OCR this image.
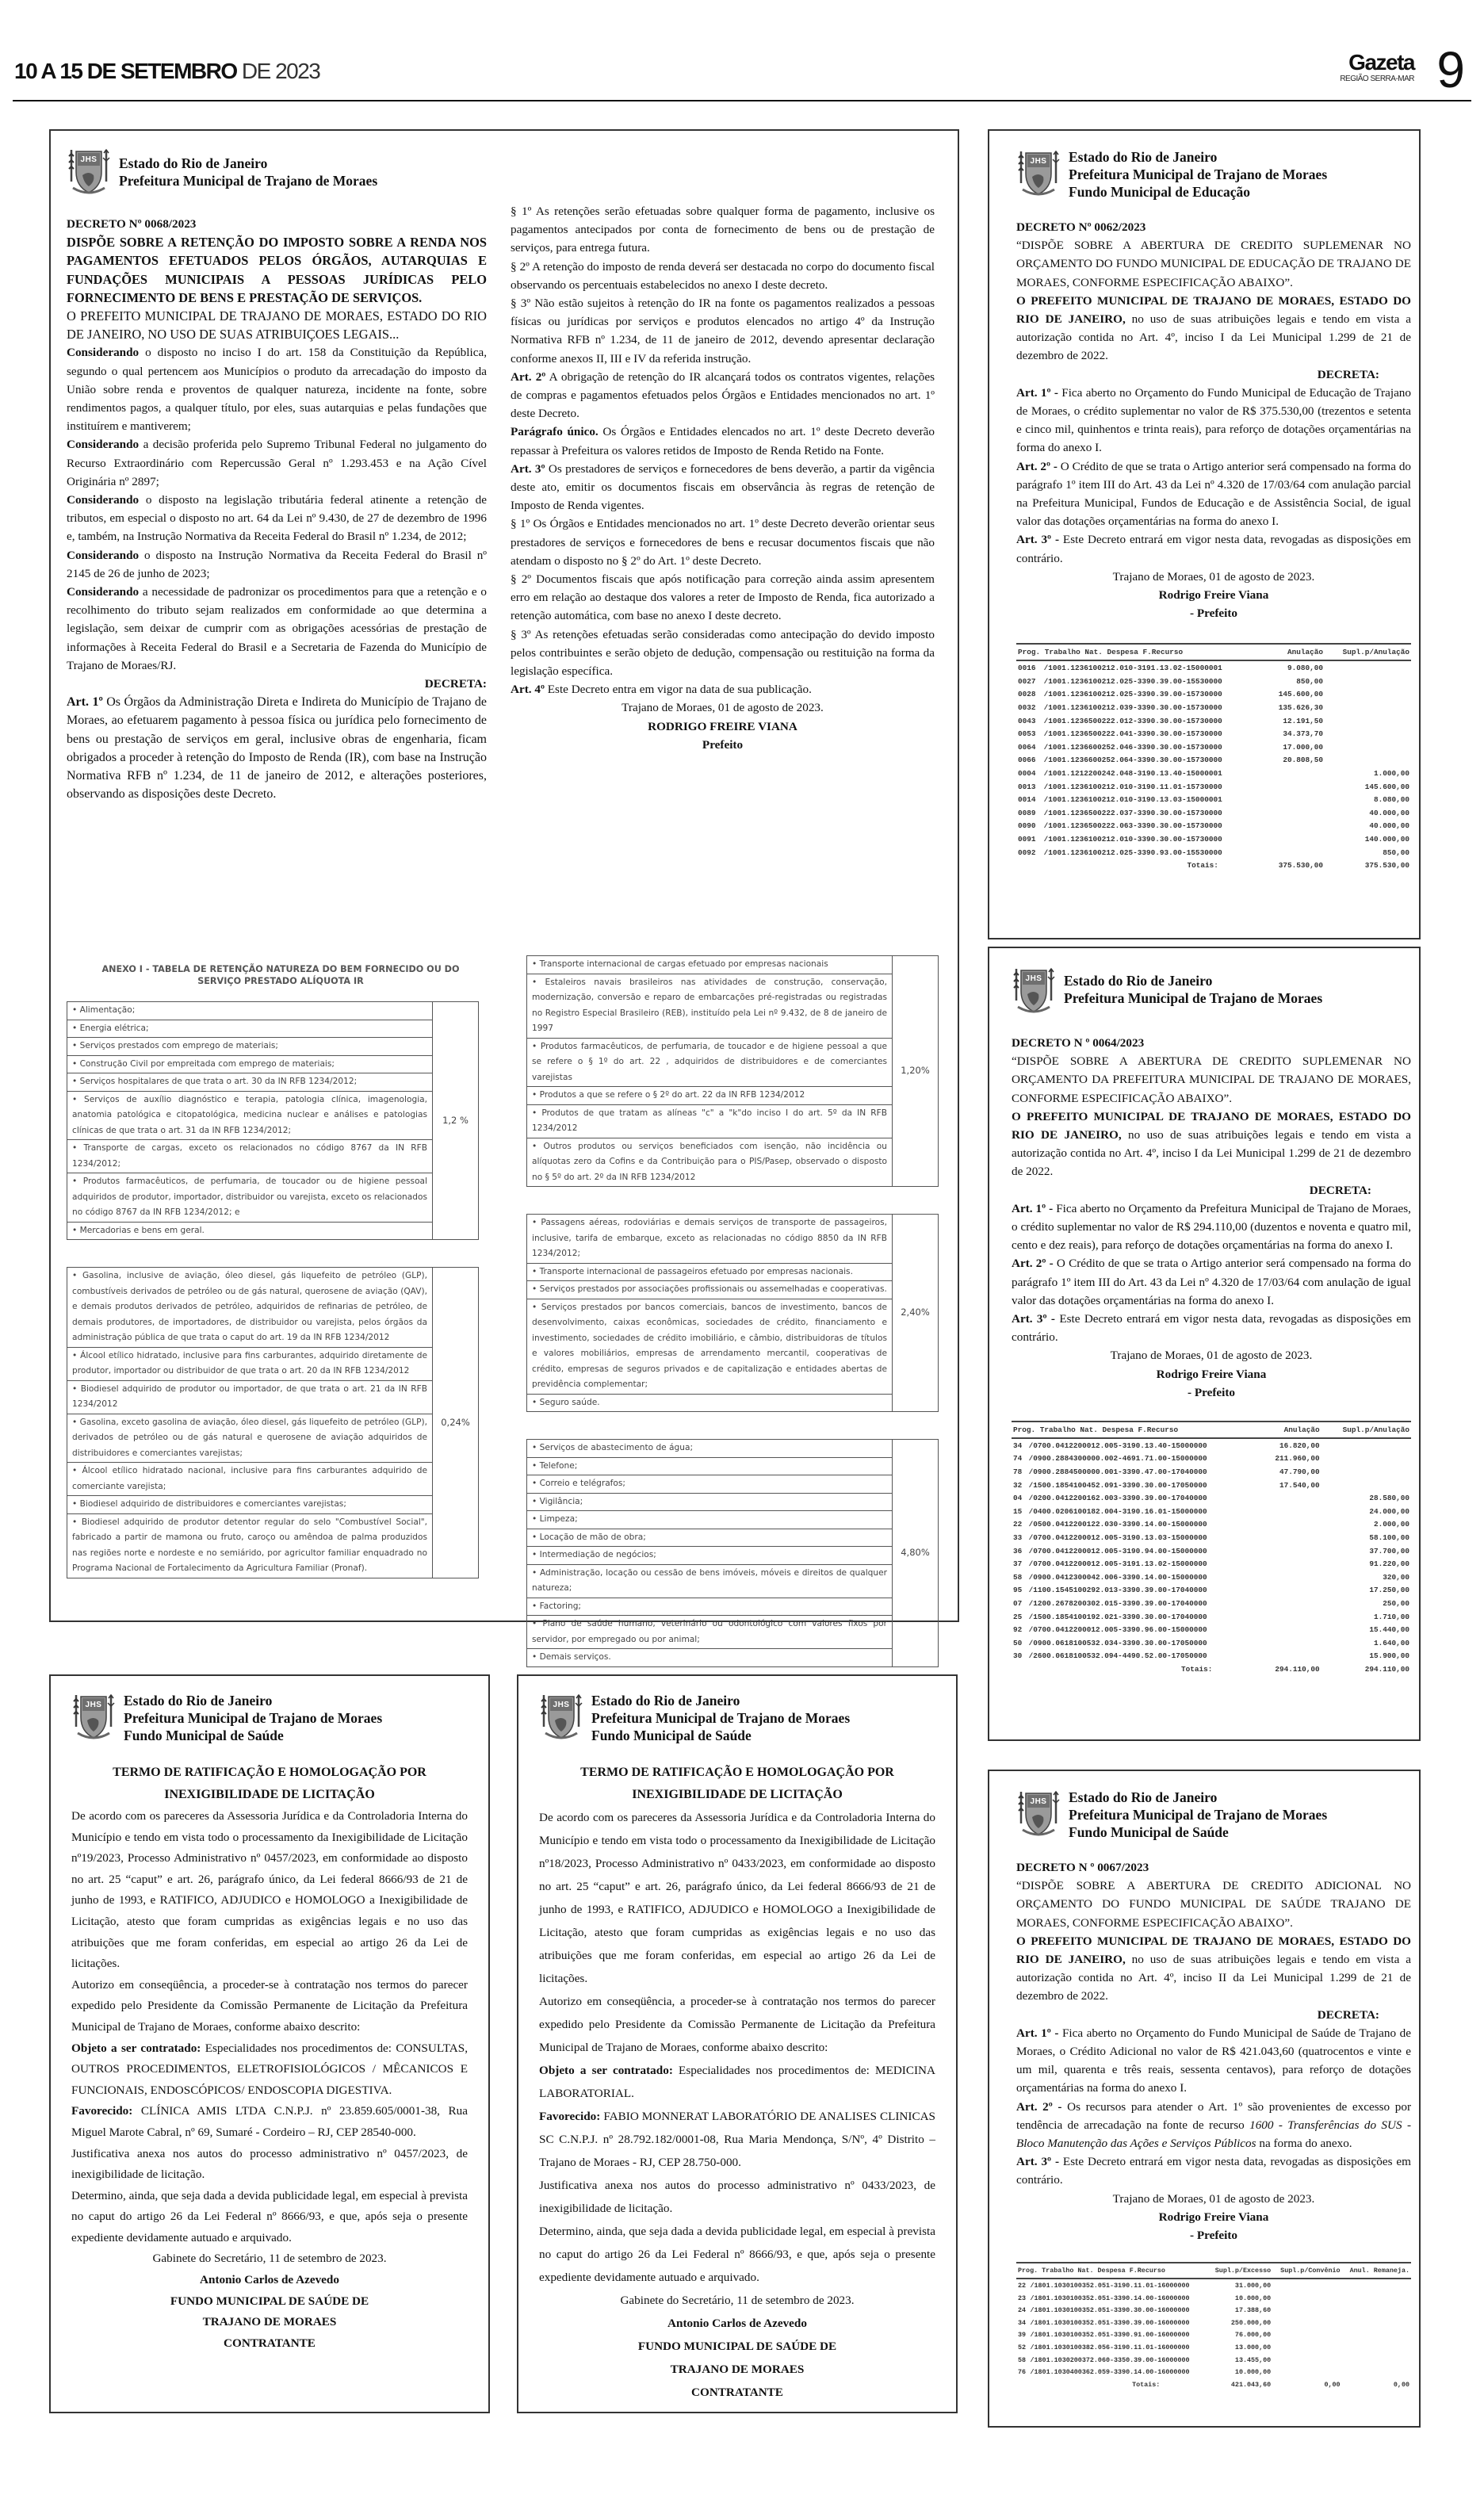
10 A 15 DE SETEMBRO DE 2023	Gazeta
REGIÃO SERRA-MAR 9
JHS Estado do Rio de Janeiro
Prefeitura Municipal de Trajano de Moraes
DECRETO Nº 0068/2023
DISPÕE SOBRE A RETENÇÃO DO IMPOSTO SOBRE A RENDA NOS PAGAMENTOS EFETUADOS PELOS ÓRGÃOS, AUTARQUIAS E FUNDAÇÕES MUNICIPAIS A PESSOAS JURÍDICAS PELO FORNECIMENTO DE BENS E PRESTAÇÃO DE SERVIÇOS.
O PREFEITO MUNICIPAL DE TRAJANO DE MORAES, ESTADO DO RIO DE JANEIRO, NO USO DE SUAS ATRIBUIÇOES LEGAIS...
Considerando o disposto no inciso I do art. 158 da Constituição da República, segundo o qual pertencem aos Municípios o produto da arrecadação do imposto da União sobre renda e proventos de qualquer natureza, incidente na fonte, sobre rendimentos pagos, a qualquer título, por eles, suas autarquias e pelas fundações que instituírem e mantiverem;
Considerando a decisão proferida pelo Supremo Tribunal Federal no julgamento do Recurso Extraordinário com Repercussão Geral nº 1.293.453 e na Ação Cível Originária nº 2897;
Considerando o disposto na legislação tributária federal atinente a retenção de tributos, em especial o disposto no art. 64 da Lei nº 9.430, de 27 de dezembro de 1996 e, também, na Instrução Normativa da Receita Federal do Brasil nº 1.234, de 2012;
Considerando o disposto na Instrução Normativa da Receita Federal do Brasil nº 2145 de 26 de junho de 2023;
Considerando a necessidade de padronizar os procedimentos para que a retenção e o recolhimento do tributo sejam realizados em conformidade ao que determina a legislação, sem deixar de cumprir com as obrigações acessórias de prestação de informações à Receita Federal do Brasil e a Secretaria de Fazenda do Município de Trajano de Moraes/RJ.
DECRETA:
Art. 1º Os Órgãos da Administração Direta e Indireta do Município de Trajano de Moraes, ao efetuarem pagamento à pessoa física ou jurídica pelo fornecimento de bens ou prestação de serviços em geral, inclusive obras de engenharia, ficam obrigados a proceder à retenção do Imposto de Renda (IR), com base na Instrução Normativa RFB nº 1.234, de 11 de janeiro de 2012, e alterações posteriores, observando as disposições deste Decreto.
§ 1º As retenções serão efetuadas sobre qualquer forma de pagamento, inclusive os pagamentos antecipados por conta de fornecimento de bens ou de prestação de serviços, para entrega futura.
§ 2º A retenção do imposto de renda deverá ser destacada no corpo do documento fiscal observando os percentuais estabelecidos no anexo I deste decreto.
§ 3º Não estão sujeitos à retenção do IR na fonte os pagamentos realizados a pessoas físicas ou jurídicas por serviços e produtos elencados no artigo 4º da Instrução Normativa RFB nº 1.234, de 11 de janeiro de 2012, devendo apresentar declaração conforme anexos II, III e IV da referida instrução.
Art. 2º A obrigação de retenção do IR alcançará todos os contratos vigentes, relações de compras e pagamentos efetuados pelos Órgãos e Entidades mencionados no art. 1º deste Decreto.
Parágrafo único. Os Órgãos e Entidades elencados no art. 1º deste Decreto deverão repassar à Prefeitura os valores retidos de Imposto de Renda Retido na Fonte.
Art. 3º Os prestadores de serviços e fornecedores de bens deverão, a partir da vigência deste ato, emitir os documentos fiscais em observância às regras de retenção de Imposto de Renda vigentes.
§ 1º Os Órgãos e Entidades mencionados no art. 1º deste Decreto deverão orientar seus prestadores de serviços e fornecedores de bens e recusar documentos fiscais que não atendam o disposto no § 2º do Art. 1º deste Decreto.
§ 2º Documentos fiscais que após notificação para correção ainda assim apresentem erro em relação ao destaque dos valores a reter de Imposto de Renda, fica autorizado a retenção automática, com base no anexo I deste decreto.
§ 3º As retenções efetuadas serão consideradas como antecipação do devido imposto pelos contribuintes e serão objeto de dedução, compensação ou restituição na forma da legislação específica.
Art. 4º Este Decreto entra em vigor na data de sua publicação.
Trajano de Moraes, 01 de agosto de 2023.
RODRIGO FREIRE VIANA
Prefeito
ANEXO I - TABELA DE RETENÇÃO NATUREZA DO BEM FORNECIDO OU DO SERVIÇO PRESTADO ALÍQUOTA IR
• Alimentação;	1,2 %
• Energia elétrica;
• Serviços prestados com emprego de materiais;
• Construção Civil por empreitada com emprego de materiais;
• Serviços hospitalares de que trata o art. 30 da IN RFB 1234/2012;
• Serviços de auxílio diagnóstico e terapia, patologia clínica, imagenologia, anatomia patológica e citopatológica, medicina nuclear e análises e patologias clínicas de que trata o art. 31 da IN RFB 1234/2012;
• Transporte de cargas, exceto os relacionados no código 8767 da IN RFB 1234/2012;
• Produtos farmacêuticos, de perfumaria, de toucador ou de higiene pessoal adquiridos de produtor, importador, distribuidor ou varejista, exceto os relacionados no código 8767 da IN RFB 1234/2012; e
• Mercadorias e bens em geral.
• Gasolina, inclusive de aviação, óleo diesel, gás liquefeito de petróleo (GLP), combustíveis derivados de petróleo ou de gás natural, querosene de aviação (QAV), e demais produtos derivados de petróleo, adquiridos de refinarias de petróleo, de demais produtores, de importadores, de distribuidor ou varejista, pelos órgãos da administração pública de que trata o caput do art. 19 da IN RFB 1234/2012	0,24%
• Álcool etílico hidratado, inclusive para fins carburantes, adquirido diretamente de produtor, importador ou distribuidor de que trata o art. 20 da IN RFB 1234/2012
• Biodiesel adquirido de produtor ou importador, de que trata o art. 21 da IN RFB 1234/2012
• Gasolina, exceto gasolina de aviação, óleo diesel, gás liquefeito de petróleo (GLP), derivados de petróleo ou de gás natural e querosene de aviação adquiridos de distribuidores e comerciantes varejistas;
• Álcool etílico hidratado nacional, inclusive para fins carburantes adquirido de comerciante varejista;
• Biodiesel adquirido de distribuidores e comerciantes varejistas;
• Biodiesel adquirido de produtor detentor regular do selo "Combustível Social", fabricado a partir de mamona ou fruto, caroço ou amêndoa de palma produzidos nas regiões norte e nordeste e no semiárido, por agricultor familiar enquadrado no Programa Nacional de Fortalecimento da Agricultura Familiar (Pronaf).
• Transporte internacional de cargas efetuado por empresas nacionais	1,20%
• Estaleiros navais brasileiros nas atividades de construção, conservação, modernização, conversão e reparo de embarcações pré-registradas ou registradas no Registro Especial Brasileiro (REB), instituído pela Lei nº 9.432, de 8 de janeiro de 1997
• Produtos farmacêuticos, de perfumaria, de toucador e de higiene pessoal a que se refere o § 1º do art. 22 , adquiridos de distribuidores e de comerciantes varejistas
• Produtos a que se refere o § 2º do art. 22 da IN RFB 1234/2012
• Produtos de que tratam as alíneas "c" a "k"do inciso I do art. 5º da IN RFB 1234/2012
• Outros produtos ou serviços beneficiados com isenção, não incidência ou alíquotas zero da Cofins e da Contribuição para o PIS/Pasep, observado o disposto no § 5º do art. 2º da IN RFB 1234/2012
• Passagens aéreas, rodoviárias e demais serviços de transporte de passageiros, inclusive, tarifa de embarque, exceto as relacionadas no código 8850 da IN RFB 1234/2012;	2,40%
• Transporte internacional de passageiros efetuado por empresas nacionais.
• Serviços prestados por associações profissionais ou assemelhadas e cooperativas.
• Serviços prestados por bancos comerciais, bancos de investimento, bancos de desenvolvimento, caixas econômicas, sociedades de crédito, financiamento e investimento, sociedades de crédito imobiliário, e câmbio, distribuidoras de títulos e valores mobiliários, empresas de arrendamento mercantil, cooperativas de crédito, empresas de seguros privados e de capitalização e entidades abertas de previdência complementar;
• Seguro saúde.
• Serviços de abastecimento de água;	4,80%
• Telefone;
• Correio e telégrafos;
• Vigilância;
• Limpeza;
• Locação de mão de obra;
• Intermediação de negócios;
• Administração, locação ou cessão de bens imóveis, móveis e direitos de qualquer natureza;
• Factoring;
• Plano de saúde humano, veterinário ou odontológico com valores fixos por servidor, por empregado ou por animal;
• Demais serviços.
JHS Estado do Rio de Janeiro
Prefeitura Municipal de Trajano de Moraes
Fundo Municipal de Educação
DECRETO Nº 0062/2023
“DISPÕE SOBRE A ABERTURA DE CREDITO SUPLEMENAR NO ORÇAMENTO DO FUNDO MUNICIPAL DE EDUCAÇÃO DE TRAJANO DE MORAES, CONFORME ESPECIFICAÇÃO ABAIXO”.
O PREFEITO MUNICIPAL DE TRAJANO DE MORAES, ESTADO DO RIO DE JANEIRO, no uso de suas atribuições legais e tendo em vista a autorização contida no Art. 4º, inciso I da Lei Municipal 1.299 de 21 de dezembro de 2022.
DECRETA:
Art. 1º - Fica aberto no Orçamento do Fundo Municipal de Educação de Trajano de Moraes, o crédito suplementar no valor de R$ 375.530,00 (trezentos e setenta e cinco mil, quinhentos e trinta reais), para reforço de dotações orçamentárias na forma do anexo I.
Art. 2º - O Crédito de que se trata o Artigo anterior será compensado na forma do parágrafo 1º item III do Art. 43 da Lei nº 4.320 de 17/03/64 com anulação parcial na Prefeitura Municipal, Fundos de Educação e de Assistência Social, de igual valor das dotações orçamentárias na forma do anexo I.
Art. 3º - Este Decreto entrará em vigor nesta data, revogadas as disposições em contrário.
Trajano de Moraes, 01 de agosto de 2023.
Rodrigo Freire Viana
- Prefeito
Prog. Trabalho Nat. Despesa F.Recurso		Anulação	Supl.p/Anulação
0016	/1001.1236100212.010-3191.13.02-15000001	9.080,00	
0027	/1001.1236100212.025-3390.39.00-15530000	850,00	
0028	/1001.1236100212.025-3390.39.00-15730000	145.600,00	
0032	/1001.1236100212.039-3390.30.00-15730000	135.626,30	
0043	/1001.1236500222.012-3390.30.00-15730000	12.191,50	
0053	/1001.1236500222.041-3390.30.00-15730000	34.373,70	
0064	/1001.1236600252.046-3390.30.00-15730000	17.000,00	
0066	/1001.1236600252.064-3390.30.00-15730000	20.808,50	
0004	/1001.1212200242.048-3190.13.40-15000001		1.000,00
0013	/1001.1236100212.010-3190.11.01-15730000		145.600,00
0014	/1001.1236100212.010-3190.13.03-15000001		8.080,00
0089	/1001.1236500222.037-3390.30.00-15730000		40.000,00
0090	/1001.1236500222.063-3390.30.00-15730000		40.000,00
0091	/1001.1236100212.010-3390.30.00-15730000		140.000,00
0092	/1001.1236100212.025-3390.93.00-15530000		850,00
	Totais:	375.530,00	375.530,00
JHS Estado do Rio de Janeiro
Prefeitura Municipal de Trajano de Moraes
DECRETO N º 0064/2023
“DISPÕE SOBRE A ABERTURA DE CREDITO SUPLEMENAR NO ORÇAMENTO DA PREFEITURA MUNICIPAL DE TRAJANO DE MORAES, CONFORME ESPECIFICAÇÃO ABAIXO”.
O PREFEITO MUNICIPAL DE TRAJANO DE MORAES, ESTADO DO RIO DE JANEIRO, no uso de suas atribuições legais e tendo em vista a autorização contida no Art. 4º, inciso I da Lei Municipal 1.299 de 21 de dezembro de 2022.
DECRETA:
Art. 1º - Fica aberto no Orçamento da Prefeitura Municipal de Trajano de Moraes, o crédito suplementar no valor de R$ 294.110,00 (duzentos e noventa e quatro mil, cento e dez reais), para reforço de dotações orçamentárias na forma do anexo I.
Art. 2º - O Crédito de que se trata o Artigo anterior será compensado na forma do parágrafo 1º item III do Art. 43 da Lei nº 4.320 de 17/03/64 com anulação de igual valor das dotações orçamentárias na forma do anexo I.
Art. 3º - Este Decreto entrará em vigor nesta data, revogadas as disposições em contrário.
Trajano de Moraes, 01 de agosto de 2023.
Rodrigo Freire Viana
- Prefeito
Prog. Trabalho Nat. Despesa F.Recurso		Anulação	Supl.p/Anulação
34	/0700.0412200012.005-3190.13.40-15000000	16.820,00	
74	/0900.2884300000.002-4691.71.00-15000000	211.960,00	
78	/0900.2884500000.001-3390.47.00-17040000	47.790,00	
32	/1500.1854100452.091-3390.30.00-17050000	17.540,00	
04	/0200.0412200162.003-3390.39.00-17040000		28.580,00
15	/0400.0206100182.004-3190.16.01-15000000		24.000,00
22	/0500.0412200122.030-3390.14.00-15000000		2.000,00
33	/0700.0412200012.005-3190.13.03-15000000		58.100,00
36	/0700.0412200012.005-3190.94.00-15000000		37.700,00
37	/0700.0412200012.005-3191.13.02-15000000		91.220,00
58	/0900.0412300042.006-3390.14.00-15000000		320,00
95	/1100.1545100292.013-3390.39.00-17040000		17.250,00
07	/1200.2678200302.015-3390.39.00-17040000		250,00
25	/1500.1854100192.021-3390.30.00-17040000		1.710,00
92	/0700.0412200012.005-3390.96.00-15000000		15.440,00
50	/0900.0618100532.034-3390.30.00-17050000		1.640,00
30	/2600.0618100532.094-4490.52.00-17050000		15.900,00
	Totais:	294.110,00	294.110,00
JHS Estado do Rio de Janeiro
Prefeitura Municipal de Trajano de Moraes
Fundo Municipal de Saúde
DECRETO N º 0067/2023
“DISPÕE SOBRE A ABERTURA DE CREDITO ADICIONAL NO ORÇAMENTO DO FUNDO MUNICIPAL DE SAÚDE TRAJANO DE MORAES, CONFORME ESPECIFICAÇÃO ABAIXO”.
O PREFEITO MUNICIPAL DE TRAJANO DE MORAES, ESTADO DO RIO DE JANEIRO, no uso de suas atribuições legais e tendo em vista a autorização contida no Art. 4º, inciso II da Lei Municipal 1.299 de 21 de dezembro de 2022.
DECRETA:
Art. 1º - Fica aberto no Orçamento do Fundo Municipal de Saúde de Trajano de Moraes, o Crédito Adicional no valor de R$ 421.043,60 (quatrocentos e vinte e um mil, quarenta e três reais, sessenta centavos), para reforço de dotações orçamentárias na forma do anexo I.
Art. 2º - Os recursos para atender o Art. 1º são provenientes de excesso por tendência de arrecadação na fonte de recurso 1600 - Transferências do SUS - Bloco Manutenção das Ações e Serviços Públicos na forma do anexo.
Art. 3º - Este Decreto entrará em vigor nesta data, revogadas as disposições em contrário.
Trajano de Moraes, 01 de agosto de 2023.
Rodrigo Freire Viana
- Prefeito
Prog. Trabalho Nat. Despesa F.Recurso		Supl.p/Excesso	Supl.p/Convênio	Anul. Remaneja.
22	/1801.1030100352.051-3190.11.01-16000000	31.000,00		
23	/1801.1030100352.051-3390.14.00-16000000	10.000,00		
24	/1801.1030100352.051-3390.30.00-16000000	17.388,60		
34	/1801.1030100352.051-3390.39.00-16000000	250.000,00		
39	/1801.1030100352.051-3390.91.00-16000000	76.000,00		
52	/1801.1030100382.056-3190.11.01-16000000	13.000,00		
58	/1801.1030200372.060-3350.39.00-16000000	13.455,00		
76	/1801.1030400362.059-3390.14.00-16000000	10.000,00		
	Totais:	421.043,60	0,00	0,00
JHS Estado do Rio de Janeiro
Prefeitura Municipal de Trajano de Moraes
Fundo Municipal de Saúde
TERMO DE RATIFICAÇÃO E HOMOLOGAÇÃO POR
INEXIGIBILIDADE DE LICITAÇÃO
De acordo com os pareceres da Assessoria Jurídica e da Controladoria Interna do Município e tendo em vista todo o processamento da Inexigibilidade de Licitação nº19/2023, Processo Administrativo nº 0457/2023, em conformidade ao disposto no art. 25 “caput” e art. 26, parágrafo único, da Lei federal 8666/93 de 21 de junho de 1993, e RATIFICO, ADJUDICO e HOMOLOGO a Inexigibilidade de Licitação, atesto que foram cumpridas as exigências legais e no uso das atribuições que me foram conferidas, em especial ao artigo 26 da Lei de licitações.
Autorizo em conseqüência, a proceder-se à contratação nos termos do parecer expedido pelo Presidente da Comissão Permanente de Licitação da Prefeitura Municipal de Trajano de Moraes, conforme abaixo descrito:
Objeto a ser contratado: Especialidades nos procedimentos de: CONSULTAS, OUTROS PROCEDIMENTOS, ELETROFISIOLÓGICOS / MÊCANICOS E FUNCIONAIS, ENDOSCÓPICOS/ ENDOSCOPIA DIGESTIVA.
Favorecido: CLÍNICA AMIS LTDA C.N.P.J. nº 23.859.605/0001-38, Rua Miguel Marote Cabral, nº 69, Sumaré - Cordeiro – RJ, CEP 28540-000.
Justificativa anexa nos autos do processo administrativo nº 0457/2023, de inexigibilidade de licitação.
Determino, ainda, que seja dada a devida publicidade legal, em especial à prevista no caput do artigo 26 da Lei Federal nº 8666/93, e que, após seja o presente expediente devidamente autuado e arquivado.
Gabinete do Secretário, 11 de setembro de 2023.
Antonio Carlos de Azevedo
FUNDO MUNICIPAL DE SAÚDE DE
TRAJANO DE MORAES
CONTRATANTE
JHS Estado do Rio de Janeiro
Prefeitura Municipal de Trajano de Moraes
Fundo Municipal de Saúde
TERMO DE RATIFICAÇÃO E HOMOLOGAÇÃO POR
INEXIGIBILIDADE DE LICITAÇÃO
De acordo com os pareceres da Assessoria Jurídica e da Controladoria Interna do Município e tendo em vista todo o processamento da Inexigibilidade de Licitação nº18/2023, Processo Administrativo nº 0433/2023, em conformidade ao disposto no art. 25 “caput” e art. 26, parágrafo único, da Lei federal 8666/93 de 21 de junho de 1993, e RATIFICO, ADJUDICO e HOMOLOGO a Inexigibilidade de Licitação, atesto que foram cumpridas as exigências legais e no uso das atribuições que me foram conferidas, em especial ao artigo 26 da Lei de licitações.
Autorizo em conseqüência, a proceder-se à contratação nos termos do parecer expedido pelo Presidente da Comissão Permanente de Licitação da Prefeitura Municipal de Trajano de Moraes, conforme abaixo descrito:
Objeto a ser contratado: Especialidades nos procedimentos de: MEDICINA LABORATORIAL.
Favorecido: FABIO MONNERAT LABORATÓRIO DE ANALISES CLINICAS SC C.N.P.J. nº 28.792.182/0001-08, Rua Maria Mendonça, S/Nº, 4º Distrito – Trajano de Moraes - RJ, CEP 28.750-000.
Justificativa anexa nos autos do processo administrativo nº 0433/2023, de inexigibilidade de licitação.
Determino, ainda, que seja dada a devida publicidade legal, em especial à prevista no caput do artigo 26 da Lei Federal nº 8666/93, e que, após seja o presente expediente devidamente autuado e arquivado.
Gabinete do Secretário, 11 de setembro de 2023.
Antonio Carlos de Azevedo
FUNDO MUNICIPAL DE SAÚDE DE
TRAJANO DE MORAES
CONTRATANTE
